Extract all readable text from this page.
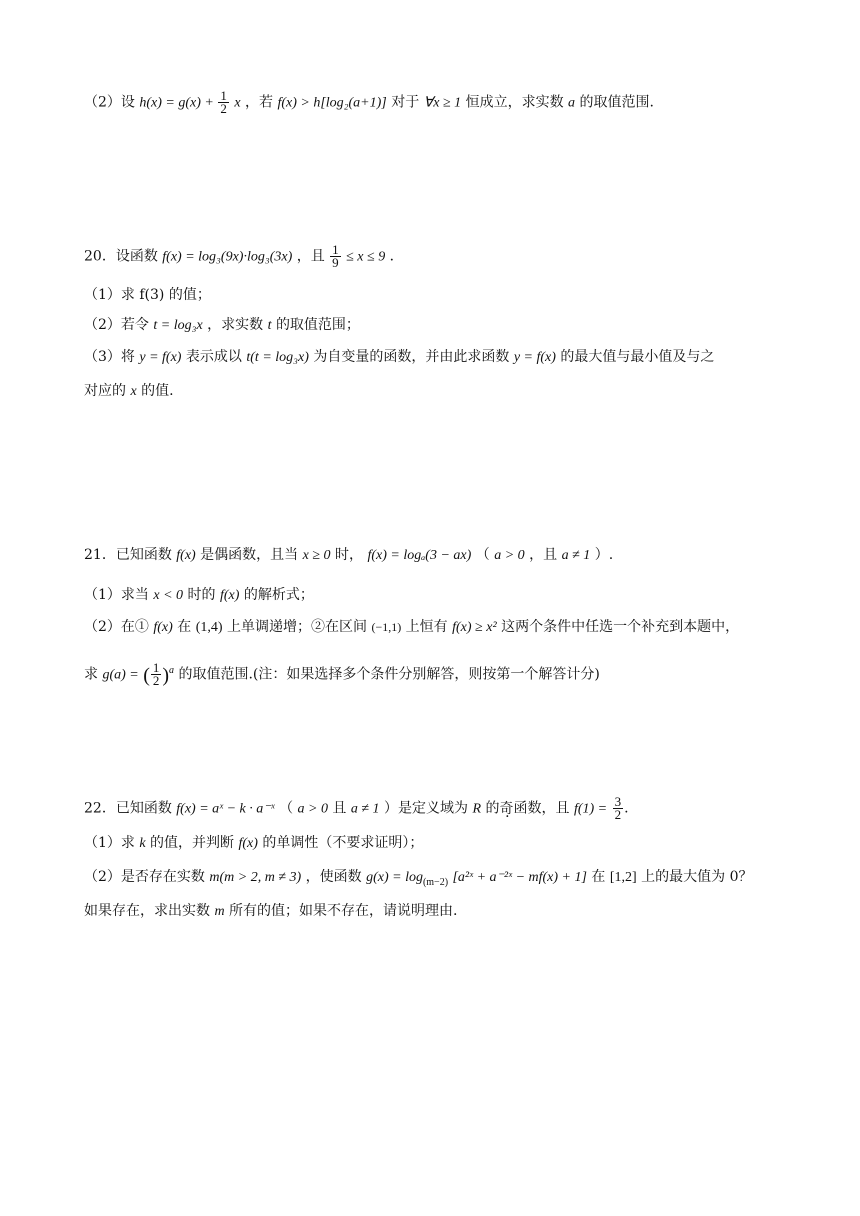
（2）设 $h(x) = g(x) + \frac{1}{2}$ x ，若 f(x) > h[log₂(a+1)] 对于 ∀x ≥ 1 恒成立，求实数 a 的取值范围.
20．设函数 f(x) = log₃(9x)·log₃(3x) ，且 $\frac{1}{9} \le x \le 9$ ．
（1）求 f(3) 的值；
（2）若令 t = log₃x ，求实数 t 的取值范围；
（3）将 y = f(x) 表示成以 t(t = log₃x) 为自变量的函数，并由此求函数 y = f(x) 的最大值与最小值及与之
对应的 x 的值.
21．已知函数 f(x) 是偶函数，且当 x ≥ 0 时， f(x) = logₐ(3 − ax) （ a > 0 ，且 a ≠ 1 ）.
（1）求当 x < 0 时的 f(x) 的解析式；
（2）在① f(x) 在 (1,4) 上单调递增；②在区间 (−1,1) 上恒有 f(x) ≥ x² 这两个条件中任选一个补充到本题中，
求 g(a) = ( $\frac{1}{2} )^a$ 的取值范围.(注：如果选择多个条件分别解答，则按第一个解答计分)
22．已知函数 f(x) = aˣ − k · a⁻ˣ （ a > 0 且 a ≠ 1 ）是定义域为 R 的奇函数，且 $f(1) = \frac{3}{2}$ .
（1）求 k 的值，并判断 f(x) 的单调性（不要求证明）；
（2）是否存在实数 m(m > 2, m ≠ 3) ，使函数 $g(x) = \log_{(m-2)}$ [a²ˣ + a⁻²ˣ − mf(x) + 1] 在 [1,2] 上的最大值为 0？
如果存在，求出实数 m 所有的值；如果不存在，请说明理由.
